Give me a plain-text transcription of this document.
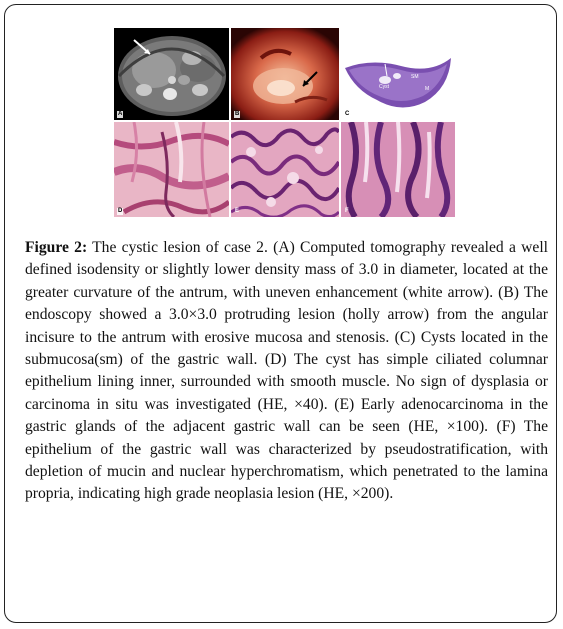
A	B
SM
Cyst	M
C
D	E	F
Figure 2: The cystic lesion of case 2. (A) Computed tomography revealed a well defined isodensity or slightly lower density mass of 3.0 in diameter, located at the greater curvature of the antrum, with uneven enhancement (white arrow). (B) The endoscopy showed a 3.0×3.0 protruding lesion (holly arrow) from the angular incisure to the antrum with erosive mucosa and stenosis. (C) Cysts located in the submucosa(sm) of the gastric wall. (D) The cyst has simple ciliated columnar epithelium lining inner, surrounded with smooth muscle. No sign of dysplasia or carcinoma in situ was investigated (HE, ×40). (E) Early adenocarcinoma in the gastric glands of the adjacent gastric wall can be seen (HE, ×100). (F) The epithelium of the gastric wall was characterized by pseudostratification, with depletion of mucin and nuclear hyperchromatism, which penetrated to the lamina propria, indicating high grade neoplasia lesion (HE, ×200).
